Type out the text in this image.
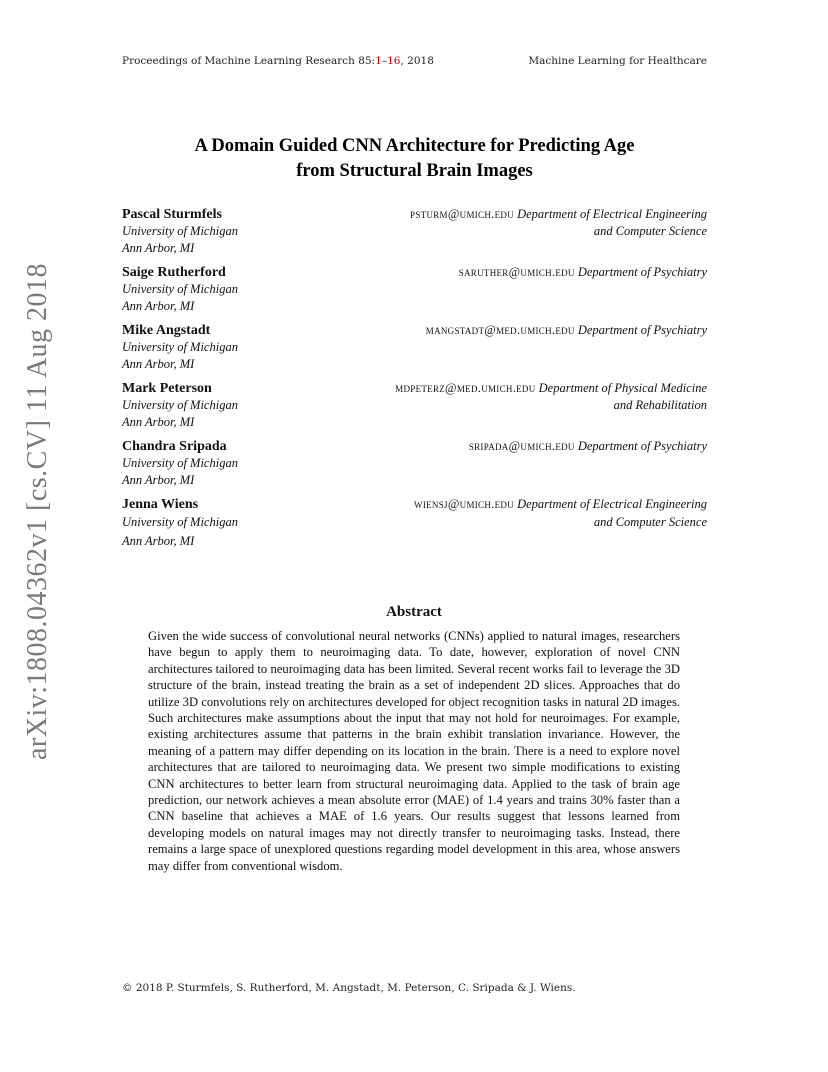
Proceedings of Machine Learning Research 85:1–16, 2018	Machine Learning for Healthcare
A Domain Guided CNN Architecture for Predicting Age
from Structural Brain Images
Pascal Sturmfels
University of Michigan
Ann Arbor, MI
psturm@umich.edu Department of Electrical Engineering
and Computer Science
Saige Rutherford
University of Michigan
Ann Arbor, MI
saruther@umich.edu Department of Psychiatry
Mike Angstadt
University of Michigan
Ann Arbor, MI
mangstadt@med.umich.edu Department of Psychiatry
Mark Peterson
University of Michigan
Ann Arbor, MI
mdpeterz@med.umich.edu Department of Physical Medicine
and Rehabilitation
Chandra Sripada
University of Michigan
Ann Arbor, MI
sripada@umich.edu Department of Psychiatry
Jenna Wiens
University of Michigan
Ann Arbor, MI
wiensj@umich.edu Department of Electrical Engineering
and Computer Science
arXiv:1808.04362v1 [cs.CV] 11 Aug 2018	Abstract
Given the wide success of convolutional neural networks (CNNs) applied to natural images, researchers have begun to apply them to neuroimaging data. To date, however, exploration of novel CNN architectures tailored to neuroimaging data has been limited. Several recent works fail to leverage the 3D structure of the brain, instead treating the brain as a set of independent 2D slices. Approaches that do utilize 3D convolutions rely on architectures developed for object recognition tasks in natural 2D images. Such architectures make assumptions about the input that may not hold for neuroimages. For example, existing architectures assume that patterns in the brain exhibit translation invariance. However, the meaning of a pattern may differ depending on its location in the brain. There is a need to explore novel architectures that are tailored to neuroimaging data. We present two simple modifications to existing CNN architectures to better learn from structural neuroimaging data. Applied to the task of brain age prediction, our network achieves a mean absolute error (MAE) of 1.4 years and trains 30% faster than a CNN baseline that achieves a MAE of 1.6 years. Our results suggest that lessons learned from developing models on natural images may not directly transfer to neuroimaging tasks. Instead, there remains a large space of unexplored questions regarding model development in this area, whose answers may differ from conventional wisdom.
© 2018 P. Sturmfels, S. Rutherford, M. Angstadt, M. Peterson, C. Sripada & J. Wiens.
